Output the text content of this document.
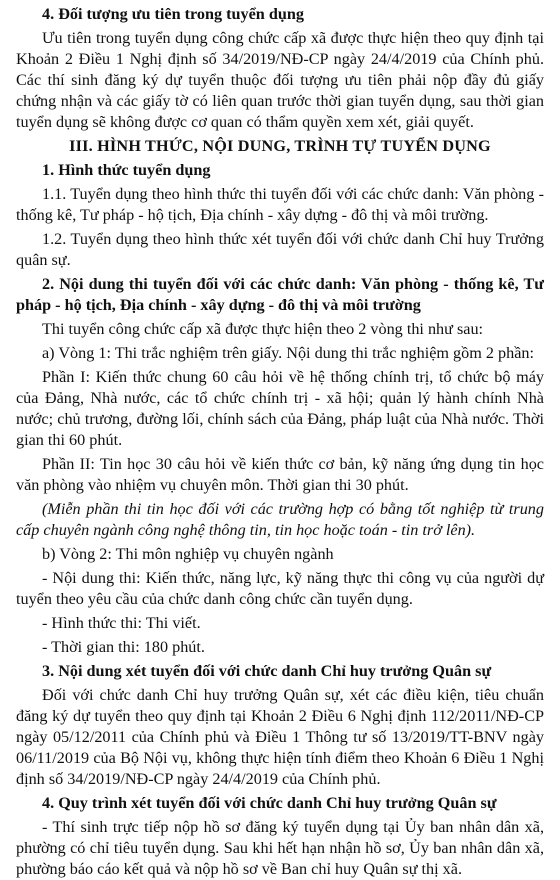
4. Đối tượng ưu tiên trong tuyển dụng

Ưu tiên trong tuyển dụng công chức cấp xã được thực hiện theo quy định tại Khoản 2 Điều 1 Nghị định số 34/2019/NĐ-CP ngày 24/4/2019 của Chính phủ. Các thí sinh đăng ký dự tuyển thuộc đối tượng ưu tiên phải nộp đầy đủ giấy chứng nhận và các giấy tờ có liên quan trước thời gian tuyển dụng, sau thời gian tuyển dụng sẽ không được cơ quan có thẩm quyền xem xét, giải quyết.

III. HÌNH THỨC, NỘI DUNG, TRÌNH TỰ TUYỂN DỤNG

1. Hình thức tuyển dụng

1.1. Tuyển dụng theo hình thức thi tuyển đối với các chức danh: Văn phòng - thống kê, Tư pháp - hộ tịch, Địa chính - xây dựng - đô thị và môi trường.

1.2. Tuyển dụng theo hình thức xét tuyển đối với chức danh Chỉ huy Trưởng quân sự.

2. Nội dung thi tuyển đối với các chức danh: Văn phòng - thống kê, Tư pháp - hộ tịch, Địa chính - xây dựng - đô thị và môi trường

Thi tuyển công chức cấp xã được thực hiện theo 2 vòng thi như sau:

a) Vòng 1: Thi trắc nghiệm trên giấy. Nội dung thi trắc nghiệm gồm 2 phần:

Phần I: Kiến thức chung 60 câu hỏi về hệ thống chính trị, tổ chức bộ máy của Đảng, Nhà nước, các tổ chức chính trị - xã hội; quản lý hành chính Nhà nước; chủ trương, đường lối, chính sách của Đảng, pháp luật của Nhà nước. Thời gian thi 60 phút.

Phần II: Tin học 30 câu hỏi về kiến thức cơ bản, kỹ năng ứng dụng tin học văn phòng vào nhiệm vụ chuyên môn. Thời gian thi 30 phút.

(Miễn phần thi tin học đối với các trường hợp có bằng tốt nghiệp từ trung cấp chuyên ngành công nghệ thông tin, tin học hoặc toán - tin trở lên).

b) Vòng 2: Thi môn nghiệp vụ chuyên ngành

- Nội dung thi: Kiến thức, năng lực, kỹ năng thực thi công vụ của người dự tuyển theo yêu cầu của chức danh công chức cần tuyển dụng.

- Hình thức thi: Thi viết.

- Thời gian thi: 180 phút.

3. Nội dung xét tuyển đối với chức danh Chỉ huy trưởng Quân sự

Đối với chức danh Chỉ huy trưởng Quân sự, xét các điều kiện, tiêu chuẩn đăng ký dự tuyển theo quy định tại Khoản 2 Điều 6 Nghị định 112/2011/NĐ-CP ngày 05/12/2011 của Chính phủ và Điều 1 Thông tư số 13/2019/TT-BNV ngày 06/11/2019 của Bộ Nội vụ, không thực hiện tính điểm theo Khoản 6 Điều 1 Nghị định số 34/2019/NĐ-CP ngày 24/4/2019 của Chính phủ.

4. Quy trình xét tuyển đối với chức danh Chỉ huy trưởng Quân sự

- Thí sinh trực tiếp nộp hồ sơ đăng ký tuyển dụng tại Ủy ban nhân dân xã, phường có chỉ tiêu tuyển dụng. Sau khi hết hạn nhận hồ sơ, Ủy ban nhân dân xã, phường báo cáo kết quả và nộp hồ sơ về Ban chỉ huy Quân sự thị xã.
